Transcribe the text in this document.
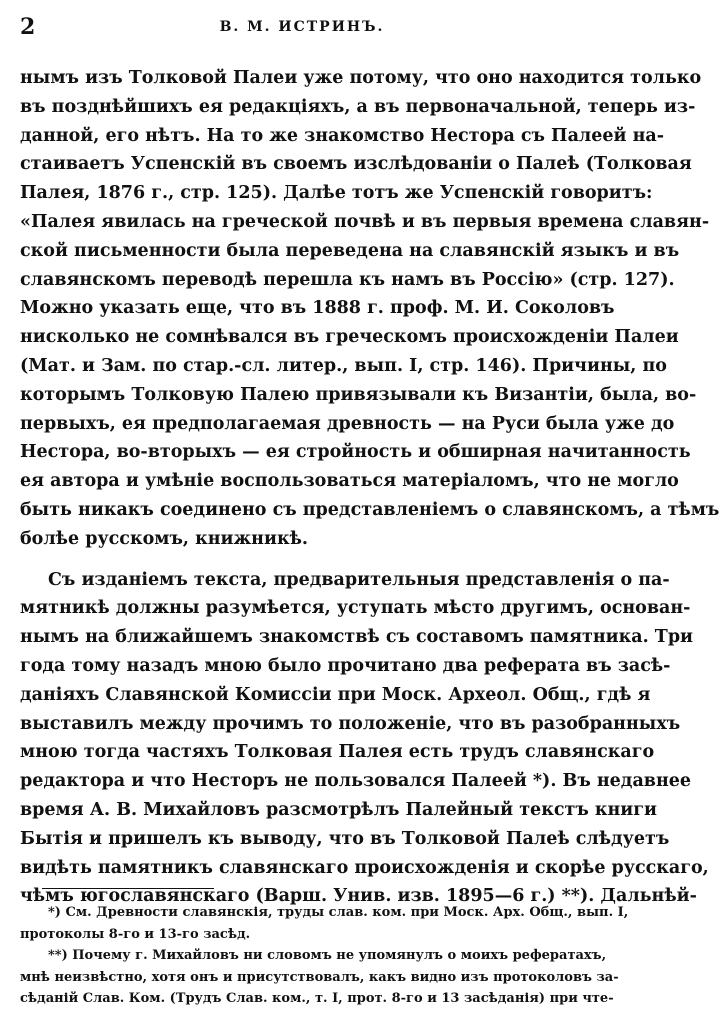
2	В. М. ИСТРИНЪ.
нымъ изъ Толковой Палеи уже потому, что оно находится только
въ позднѣйшихъ ея редакціяхъ, а въ первоначальной, теперь из-
данной, его нѣтъ. На то же знакомство Нестора съ Палеей на-
стаиваетъ Успенскій въ своемъ изслѣдованіи о Палеѣ (Толковая
Палея, 1876 г., стр. 125). Далѣе тотъ же Успенскій говоритъ:
«Палея явилась на греческой почвѣ и въ первыя времена славян-
ской письменности была переведена на славянскій языкъ и въ
славянскомъ переводѣ перешла къ намъ въ Россію» (стр. 127).
Можно указать еще, что въ 1888 г. проф. М. И. Соколовъ
нисколько не сомнѣвался въ греческомъ происхожденіи Палеи
(Мат. и Зам. по стар.-сл. литер., вып. I, стр. 146). Причины, по
которымъ Толковую Палею привязывали къ Византіи, была, во-
первыхъ, ея предполагаемая древность — на Руси была уже до
Нестора, во-вторыхъ — ея стройность и обширная начитанность
ея автора и умѣніе воспользоваться матеріаломъ, что не могло
быть никакъ соединено съ представленіемъ о славянскомъ, а тѣмъ
болѣе русскомъ, книжникѣ.
Съ изданіемъ текста, предварительныя представленія о па-
мятникѣ должны разумѣется, уступать мѣсто другимъ, основан-
нымъ на ближайшемъ знакомствѣ съ составомъ памятника. Три
года тому назадъ мною было прочитано два реферата въ засѣ-
даніяхъ Славянской Комиссіи при Моск. Археол. Общ., гдѣ я
выставилъ между прочимъ то положеніе, что въ разобранныхъ
мною тогда частяхъ Толковая Палея есть трудъ славянскаго
редактора и что Несторъ не пользовался Палеей *). Въ недавнее
время А. В. Михайловъ разсмотрѣлъ Палейный текстъ книги
Бытія и пришелъ къ выводу, что въ Толковой Палеѣ слѣдуетъ
видѣть памятникъ славянскаго происхожденія и скорѣе русскаго,
чѣмъ югославянскаго (Варш. Унив. изв. 1895—6 г.) **). Дальнѣй-
*) См. Древности славянскія, труды слав. ком. при Моск. Арх. Общ., вып. I,
протоколы 8-го и 13-го засѣд.
**) Почему г. Михайловъ ни словомъ не упомянулъ о моихъ рефератахъ,
мнѣ неизвѣстно, хотя онъ и присутствовалъ, какъ видно изъ протоколовъ за-
сѣданій Слав. Ком. (Трудъ Слав. ком., т. I, прот. 8-го и 13 засѣданія) при чте-
